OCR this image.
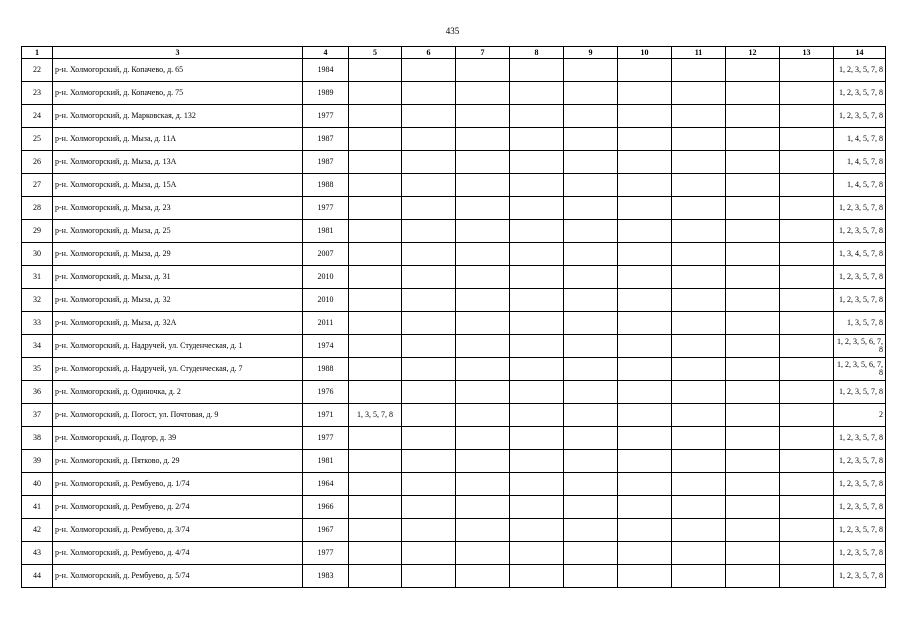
435
1	3	4	5	6	7	8	9	10	11	12	13	14
22	р-н. Холмогорский, д. Копачево, д. 65	1984										1, 2, 3, 5, 7, 8
23	р-н. Холмогорский, д. Копачево, д. 75	1989										1, 2, 3, 5, 7, 8
24	р-н. Холмогорский, д. Марковская, д. 132	1977										1, 2, 3, 5, 7, 8
25	р-н. Холмогорский, д. Мыза, д. 11А	1987										1, 4, 5, 7, 8
26	р-н. Холмогорский, д. Мыза, д. 13А	1987										1, 4, 5, 7, 8
27	р-н. Холмогорский, д. Мыза, д. 15А	1988										1, 4, 5, 7, 8
28	р-н. Холмогорский, д. Мыза, д. 23	1977										1, 2, 3, 5, 7, 8
29	р-н. Холмогорский, д. Мыза, д. 25	1981										1, 2, 3, 5, 7, 8
30	р-н. Холмогорский, д. Мыза, д. 29	2007										1, 3, 4, 5, 7, 8
31	р-н. Холмогорский, д. Мыза, д. 31	2010										1, 2, 3, 5, 7, 8
32	р-н. Холмогорский, д. Мыза, д. 32	2010										1, 2, 3, 5, 7, 8
33	р-н. Холмогорский, д. Мыза, д. 32А	2011										1, 3, 5, 7, 8
34	р-н. Холмогорский, д. Надручей, ул. Студенческая, д. 1	1974										1, 2, 3, 5, 6, 7, 8
35	р-н. Холмогорский, д. Надручей, ул. Студенческая, д. 7	1988										1, 2, 3, 5, 6, 7, 8
36	р-н. Холмогорский, д. Одиночка, д. 2	1976										1, 2, 3, 5, 7, 8
37	р-н. Холмогорский, д. Погост, ул. Почтовая, д. 9	1971	1, 3, 5, 7, 8									2
38	р-н. Холмогорский, д. Подгор, д. 39	1977										1, 2, 3, 5, 7, 8
39	р-н. Холмогорский, д. Пятково, д. 29	1981										1, 2, 3, 5, 7, 8
40	р-н. Холмогорский, д. Рембуево, д. 1/74	1964										1, 2, 3, 5, 7, 8
41	р-н. Холмогорский, д. Рембуево, д. 2/74	1966										1, 2, 3, 5, 7, 8
42	р-н. Холмогорский, д. Рембуево, д. 3/74	1967										1, 2, 3, 5, 7, 8
43	р-н. Холмогорский, д. Рембуево, д. 4/74	1977										1, 2, 3, 5, 7, 8
44	р-н. Холмогорский, д. Рембуево, д. 5/74	1983										1, 2, 3, 5, 7, 8
